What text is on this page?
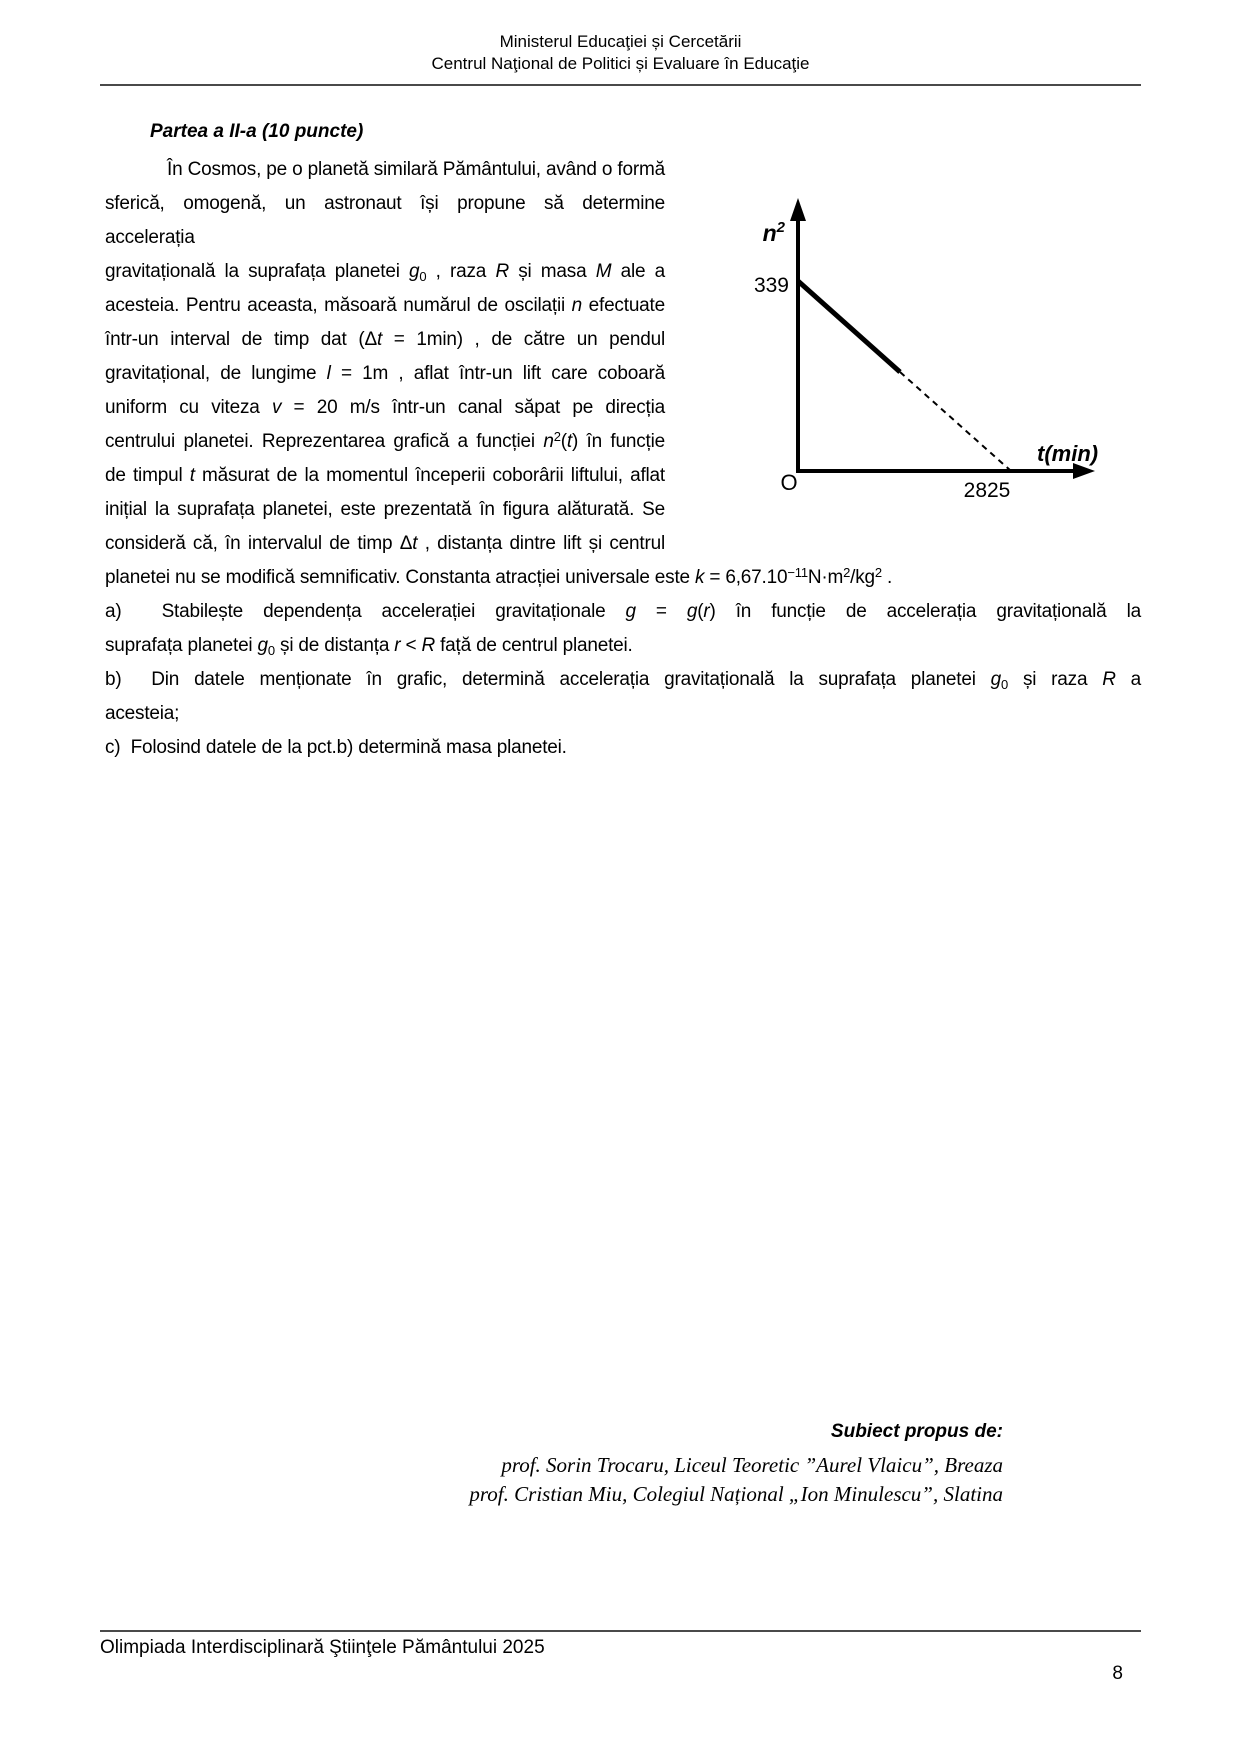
Ministerul Educaţiei și Cercetării
Centrul Naţional de Politici și Evaluare în Educaţie
Partea a II-a (10 puncte)
În Cosmos, pe o planetă similară Pământului, având o formă
sferică, omogenă, un astronaut își propune să determine accelerația
gravitațională la suprafața planetei $g_0$ , raza R și masa M ale a
acesteia. Pentru aceasta, măsoară numărul de oscilații n efectuate
într-un interval de timp dat (Δt = 1min) , de către un pendul
gravitațional, de lungime l = 1m , aflat într-un lift care coboară
uniform cu viteza v = 20 m/s într-un canal săpat pe direcția
centrului planetei. Reprezentarea grafică a funcției $n^2(t)$ în funcție
de timpul t măsurat de la momentul începerii coborârii liftului, aflat
inițial la suprafața planetei, este prezentată în figura alăturată. Se
consideră că, în intervalul de timp Δt , distanța dintre lift și centrul
planetei nu se modifică semnificativ. Constanta atracției universale este $k = 6,67.10^{-11}N\cdot m^2/kg^2$ .
a)  Stabilește dependența accelerației gravitaționale g = g(r) în funcție de accelerația gravitațională la
suprafața planetei $g_0$ și de distanța r < R față de centrul planetei.
b)  Din datele menționate în grafic, determină accelerația gravitațională la suprafața planetei $g_0$ și raza R a
acesteia;
c)  Folosind datele de la pct.b) determină masa planetei.
$n^2$
339
O	2825
t(min)
Subiect propus de:
prof. Sorin Trocaru, Liceul Teoretic ”Aurel Vlaicu”, Breaza
prof. Cristian Miu, Colegiul Național „Ion Minulescu”, Slatina
Olimpiada Interdisciplinară Ştiinţele Pământului 2025
8
